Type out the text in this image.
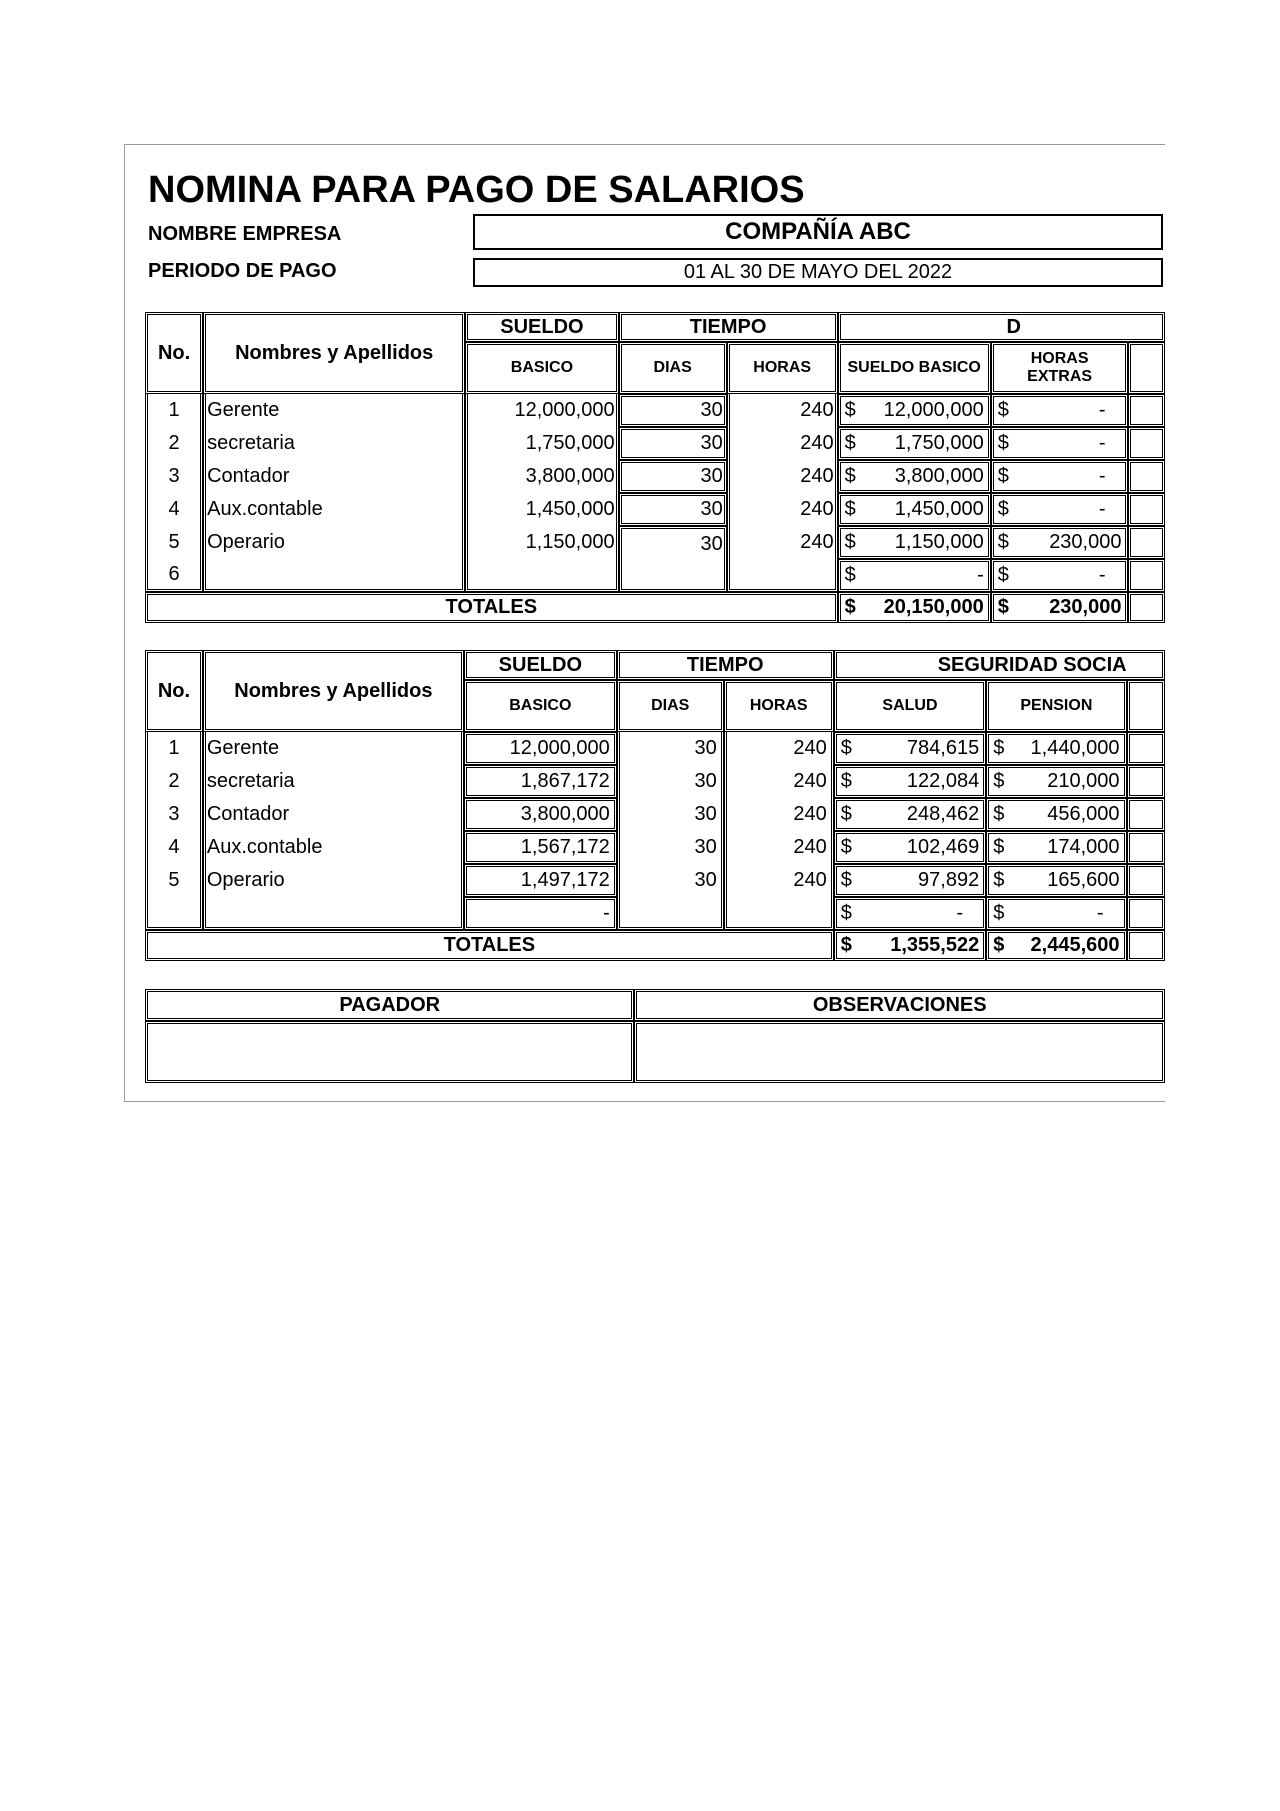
NOMINA PARA PAGO DE SALARIOS
NOMBRE EMPRESA	COMPAÑÍA ABC
PERIODO DE PAGO	01 AL 30 DE MAYO DEL 2022
No.	Nombres y Apellidos	SUELDO	TIEMPO		D		
		BASICO	DIAS	HORAS	SUELDO BASICO	HORAS EXTRAS	
1	Gerente	12,000,000	30	240	$ 12,000,000	$ -	

2	secretaria	1,750,000	30	240	$ 1,750,000	$ -	

3	Contador	3,800,000	30	240	$ 3,800,000	$ -	

4	Aux.contable	1,450,000	30	240	$ 1,450,000	$ -	

5	Operario	1,150,000	30	240	$ 1,150,000	$ 230,000	

6					$ -	$ -	

TOTALES					$ 20,150,000	$ 230,000	

No.	Nombres y Apellidos	SUELDO	TIEMPO		SEGURIDAD SOCIA		
		BASICO	DIAS	HORAS	SALUD	PENSION	
1	Gerente	12,000,000	30	240	$ 784,615	$ 1,440,000	

2	secretaria	1,867,172	30	240	$ 122,084	$ 210,000	

3	Contador	3,800,000	30	240	$ 248,462	$ 456,000	

4	Aux.contable	1,567,172	30	240	$ 102,469	$ 174,000	

5	Operario	1,497,172	30	240	$ 97,892	$ 165,600	

		-			$ -	$ -	

TOTALES					$ 1,355,522	$ 2,445,600	

PAGADOR	OBSERVACIONES
